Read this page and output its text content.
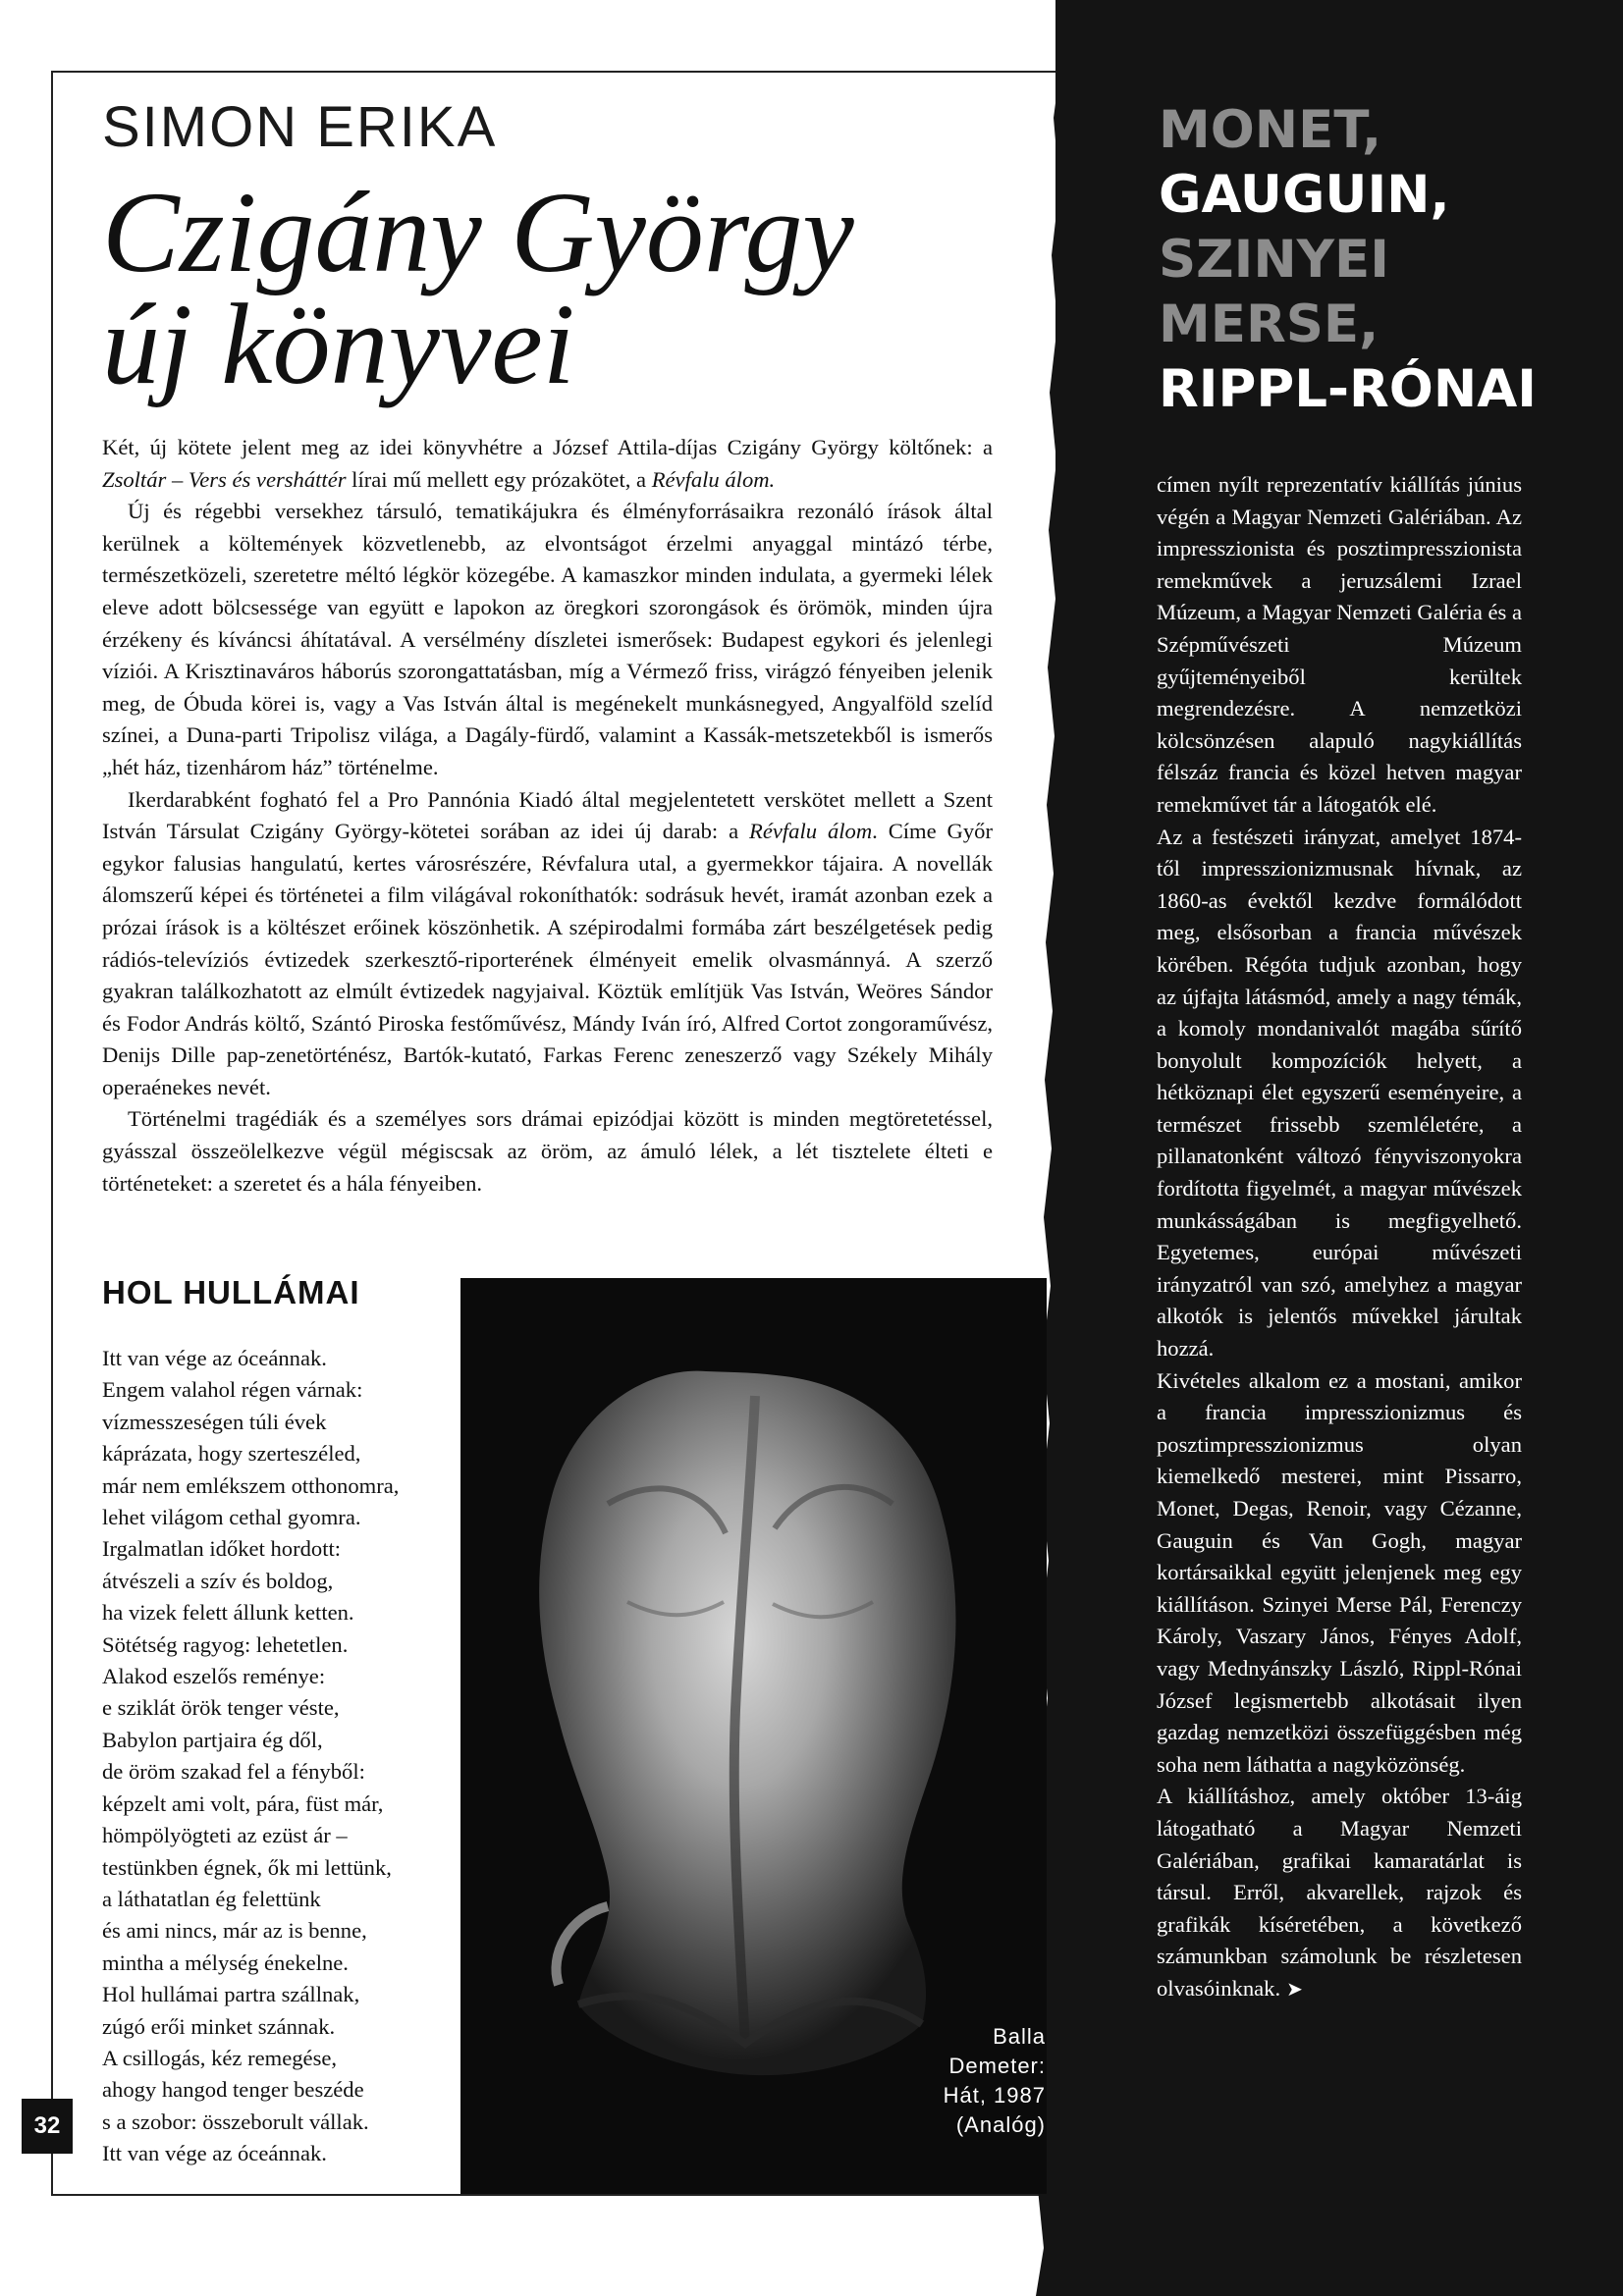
SIMON ERIKA
Czigány György
új könyvei

Két, új kötete jelent meg az idei könyvhétre a József Attila-díjas Czigány György költőnek: a Zsoltár – Vers és versháttér lírai mű mellett egy prózakötet, a Révfalu álom.

Új és régebbi versekhez társuló, tematikájukra és élményforrásaikra rezonáló írások által kerülnek a költemények közvetlenebb, az elvontságot érzelmi anyaggal mintázó térbe, természetközeli, szeretetre méltó légkör közegébe. A kamaszkor minden indulata, a gyermeki lélek eleve adott bölcsessége van együtt e lapokon az öregkori szorongások és örömök, minden újra érzékeny és kíváncsi áhítatával. A versélmény díszletei ismerősek: Budapest egykori és jelenlegi víziói. A Krisztinaváros háborús szorongattatásban, míg a Vérmező friss, virágzó fényeiben jelenik meg, de Óbuda körei is, vagy a Vas István által is megénekelt munkásnegyed, Angyalföld szelíd színei, a Duna-parti Tripolisz világa, a Dagály-fürdő, valamint a Kassák-metszetekből is ismerős „hét ház, tizenhárom ház” történelme.

Ikerdarabként fogható fel a Pro Pannónia Kiadó által megjelentetett verskötet mellett a Szent István Társulat Czigány György-kötetei sorában az idei új darab: a Révfalu álom. Címe Győr egykor falusias hangulatú, kertes városrészére, Révfalura utal, a gyermekkor tájaira. A novellák álomszerű képei és történetei a film világával rokoníthatók: sodrásuk hevét, iramát azonban ezek a prózai írások is a költészet erőinek köszönhetik. A szépirodalmi formába zárt beszélgetések pedig rádiós-televíziós évtizedek szerkesztő-riporterének élményeit emelik olvasmánnyá. A szerző gyakran találkozhatott az elmúlt évtizedek nagyjaival. Köztük említjük Vas István, Weöres Sándor és Fodor András költő, Szántó Piroska festőművész, Mándy Iván író, Alfred Cortot zongoraművész, Denijs Dille pap-zenetörténész, Bartók-kutató, Farkas Ferenc zeneszerző vagy Székely Mihály operaénekes nevét.

Történelmi tragédiák és a személyes sors drámai epizódjai között is minden megtöretetéssel, gyásszal összeölelkezve végül mégiscsak az öröm, az ámuló lélek, a lét tisztelete élteti e történeteket: a szeretet és a hála fényeiben.

HOL HULLÁMAI
Itt van vége az óceánnak.
Engem valahol régen várnak:
vízmesszeségen túli évek
káprázata, hogy szerteszéled,
már nem emlékszem otthonomra,
lehet világom cethal gyomra.
Irgalmatlan időket hordott:
átvészeli a szív és boldog,
ha vizek felett állunk ketten.
Sötétség ragyog: lehetetlen.
Alakod eszelős reménye:
e sziklát örök tenger véste,
Babylon partjaira ég dől,
de öröm szakad fel a fényből:
képzelt ami volt, pára, füst már,
hömpölyögteti az ezüst ár –
testünkben égnek, ők mi lettünk,
a láthatatlan ég felettünk
és ami nincs, már az is benne,
mintha a mélység énekelne.
Hol hullámai partra szállnak,
zúgó erői minket szánnak.
A csillogás, kéz remegése,
ahogy hangod tenger beszéde
s a szobor: összeborult vállak.
Itt van vége az óceánnak.
Balla
Demeter:
Hát, 1987
(Analóg)
32
MONET,
GAUGUIN,
SZINYEI
MERSE,
RIPPL-RÓNAI

címen nyílt reprezentatív kiállítás június végén a Magyar Nemzeti Galériában. Az impresszionista és posztimpresszionista remekművek a jeruzsálemi Izrael Múzeum, a Magyar Nemzeti Galéria és a Szépművészeti Múzeum gyűjteményeiből kerültek megrendezésre. A nemzetközi kölcsönzésen alapuló nagykiállítás félszáz francia és közel hetven magyar remekművet tár a látogatók elé.

Az a festészeti irányzat, amelyet 1874-től impresszionizmusnak hívnak, az 1860-as évektől kezdve formálódott meg, elsősorban a francia művészek körében. Régóta tudjuk azonban, hogy az újfajta látásmód, amely a nagy témák, a komoly mondanivalót magába sűrítő bonyolult kompozíciók helyett, a hétköznapi élet egyszerű eseményeire, a természet frissebb szemléletére, a pillanatonként változó fényviszonyokra fordította figyelmét, a magyar művészek munkásságában is megfigyelhető. Egyetemes, európai művészeti irányzatról van szó, amelyhez a magyar alkotók is jelentős művekkel járultak hozzá.

Kivételes alkalom ez a mostani, amikor a francia impresszionizmus és posztimpresszionizmus olyan kiemelkedő mesterei, mint Pissarro, Monet, Degas, Renoir, vagy Cézanne, Gauguin és Van Gogh, magyar kortársaikkal együtt jelenjenek meg egy kiállításon. Szinyei Merse Pál, Ferenczy Károly, Vaszary János, Fényes Adolf, vagy Mednyánszky László, Rippl-Rónai József legismertebb alkotásait ilyen gazdag nemzetközi összefüggésben még soha nem láthatta a nagyközönség.

A kiállításhoz, amely október 13-áig látogatható a Magyar Nemzeti Galériában, grafikai kamaratárlat is társul. Erről, akvarellek, rajzok és grafikák kíséretében, a következő számunkban számolunk be részletesen olvasóinknak. ➤
